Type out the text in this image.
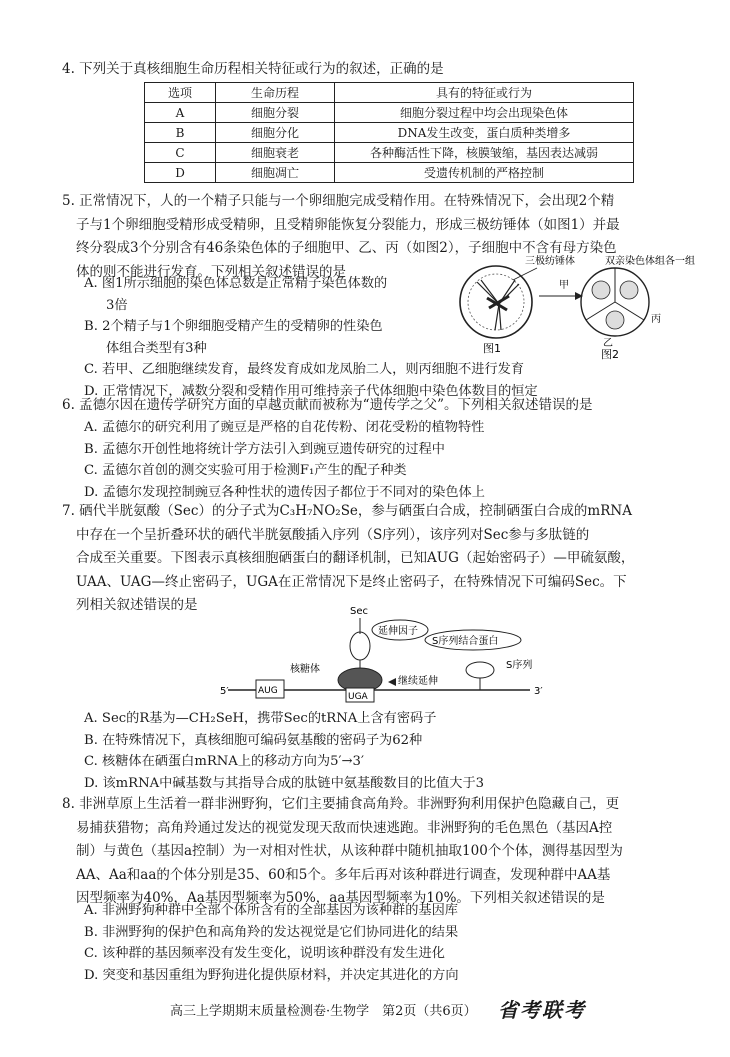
4. 下列关于真核细胞生命历程相关特征或行为的叙述，正确的是
选项	生命历程	具有的特征或行为
A	细胞分裂	细胞分裂过程中均会出现染色体
B	细胞分化	DNA发生改变，蛋白质种类增多
C	细胞衰老	各种酶活性下降，核膜皱缩，基因表达减弱
D	细胞凋亡	受遗传机制的严格控制
5. 正常情况下，人的一个精子只能与一个卵细胞完成受精作用。在特殊情况下，会出现2个精
子与1个卵细胞受精形成受精卵，且受精卵能恢复分裂能力，形成三极纺锤体（如图1）并最
终分裂成3个分别含有46条染色体的子细胞甲、乙、丙（如图2），子细胞中不含有母方染色
体的则不能进行发育。下列相关叙述错误的是
A. 图1所示细胞的染色体总数是正常精子染色体数的
3倍
B. 2个精子与1个卵细胞受精产生的受精卵的性染色
体组合类型有3种
C. 若甲、乙细胞继续发育，最终发育成如龙凤胎二人，则丙细胞不进行发育
D. 正常情况下，减数分裂和受精作用可维持亲子代体细胞中染色体数目的恒定
图1
三极纺锤体
甲
双亲染色体组各一组
丙
乙
图2
6. 孟德尔因在遗传学研究方面的卓越贡献而被称为“遗传学之父”。下列相关叙述错误的是
A. 孟德尔的研究利用了豌豆是严格的自花传粉、闭花受粉的植物特性
B. 孟德尔开创性地将统计学方法引入到豌豆遗传研究的过程中
C. 孟德尔首创的测交实验可用于检测F₁产生的配子种类
D. 孟德尔发现控制豌豆各种性状的遗传因子都位于不同对的染色体上
7. 硒代半胱氨酸（Sec）的分子式为C₃H₇NO₂Se，参与硒蛋白合成，控制硒蛋白合成的mRNA
中存在一个呈折叠环状的硒代半胱氨酸插入序列（S序列），该序列对Sec参与多肽链的
合成至关重要。下图表示真核细胞硒蛋白的翻译机制，已知AUG（起始密码子）—甲硫氨酸，
UAA、UAG—终止密码子，UGA在正常情况下是终止密码子，在特殊情况下可编码Sec。下
列相关叙述错误的是	Sec
延伸因子
S序列结合蛋白
核糖体
5′	3′
AUG
UGA
继续延伸
S序列
A. Sec的R基为—CH₂SeH，携带Sec的tRNA上含有密码子
B. 在特殊情况下，真核细胞可编码氨基酸的密码子为62种
C. 核糖体在硒蛋白mRNA上的移动方向为5′→3′
D. 该mRNA中碱基数与其指导合成的肽链中氨基酸数目的比值大于3
8. 非洲草原上生活着一群非洲野狗，它们主要捕食高角羚。非洲野狗利用保护色隐藏自己，更
易捕获猎物；高角羚通过发达的视觉发现天敌而快速逃跑。非洲野狗的毛色黑色（基因A控
制）与黄色（基因a控制）为一对相对性状，从该种群中随机抽取100个个体，测得基因型为
AA、Aa和aa的个体分别是35、60和5个。多年后再对该种群进行调查，发现种群中AA基
因型频率为40%，Aa基因型频率为50%，aa基因型频率为10%。下列相关叙述错误的是
A. 非洲野狗种群中全部个体所含有的全部基因为该种群的基因库
B. 非洲野狗的保护色和高角羚的发达视觉是它们协同进化的结果
C. 该种群的基因频率没有发生变化，说明该种群没有发生进化
D. 突变和基因重组为野狗进化提供原材料，并决定其进化的方向
高三上学期期末质量检测卷·生物学　第2页（共6页） 省考联考
